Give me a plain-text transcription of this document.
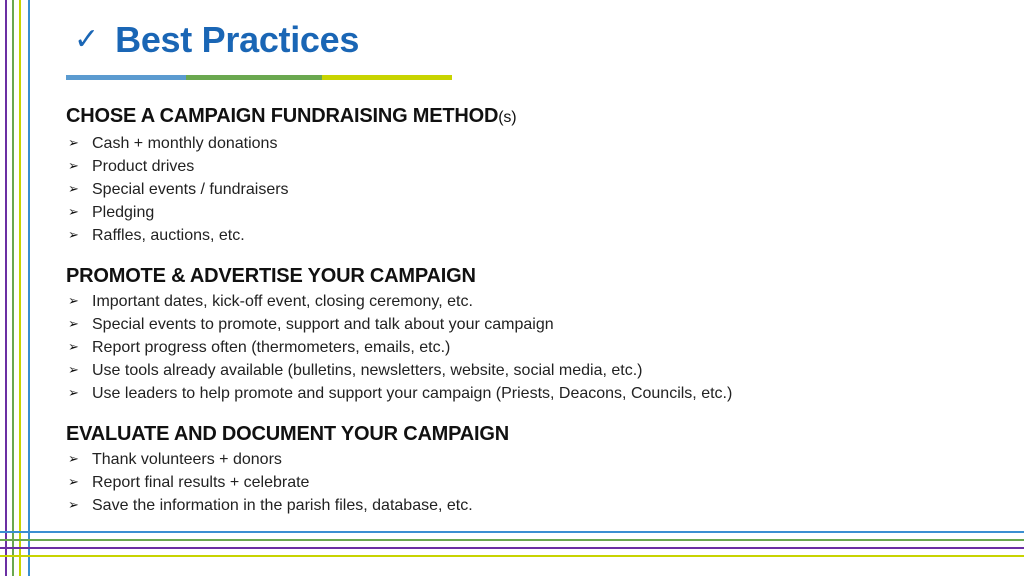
✓ Best Practices
CHOSE A CAMPAIGN FUNDRAISING METHOD(s)
➢ Cash + monthly donations
➢ Product drives
➢ Special events / fundraisers
➢ Pledging
➢ Raffles, auctions, etc.
PROMOTE & ADVERTISE YOUR CAMPAIGN
➢ Important dates, kick-off event, closing ceremony, etc.
➢ Special events to promote, support and talk about your campaign
➢ Report progress often (thermometers, emails, etc.)
➢ Use tools already available (bulletins, newsletters, website, social media, etc.)
➢ Use leaders to help promote and support your campaign (Priests, Deacons, Councils, etc.)
EVALUATE AND DOCUMENT YOUR CAMPAIGN
➢ Thank volunteers + donors
➢ Report final results + celebrate
➢ Save the information in the parish files, database, etc.
